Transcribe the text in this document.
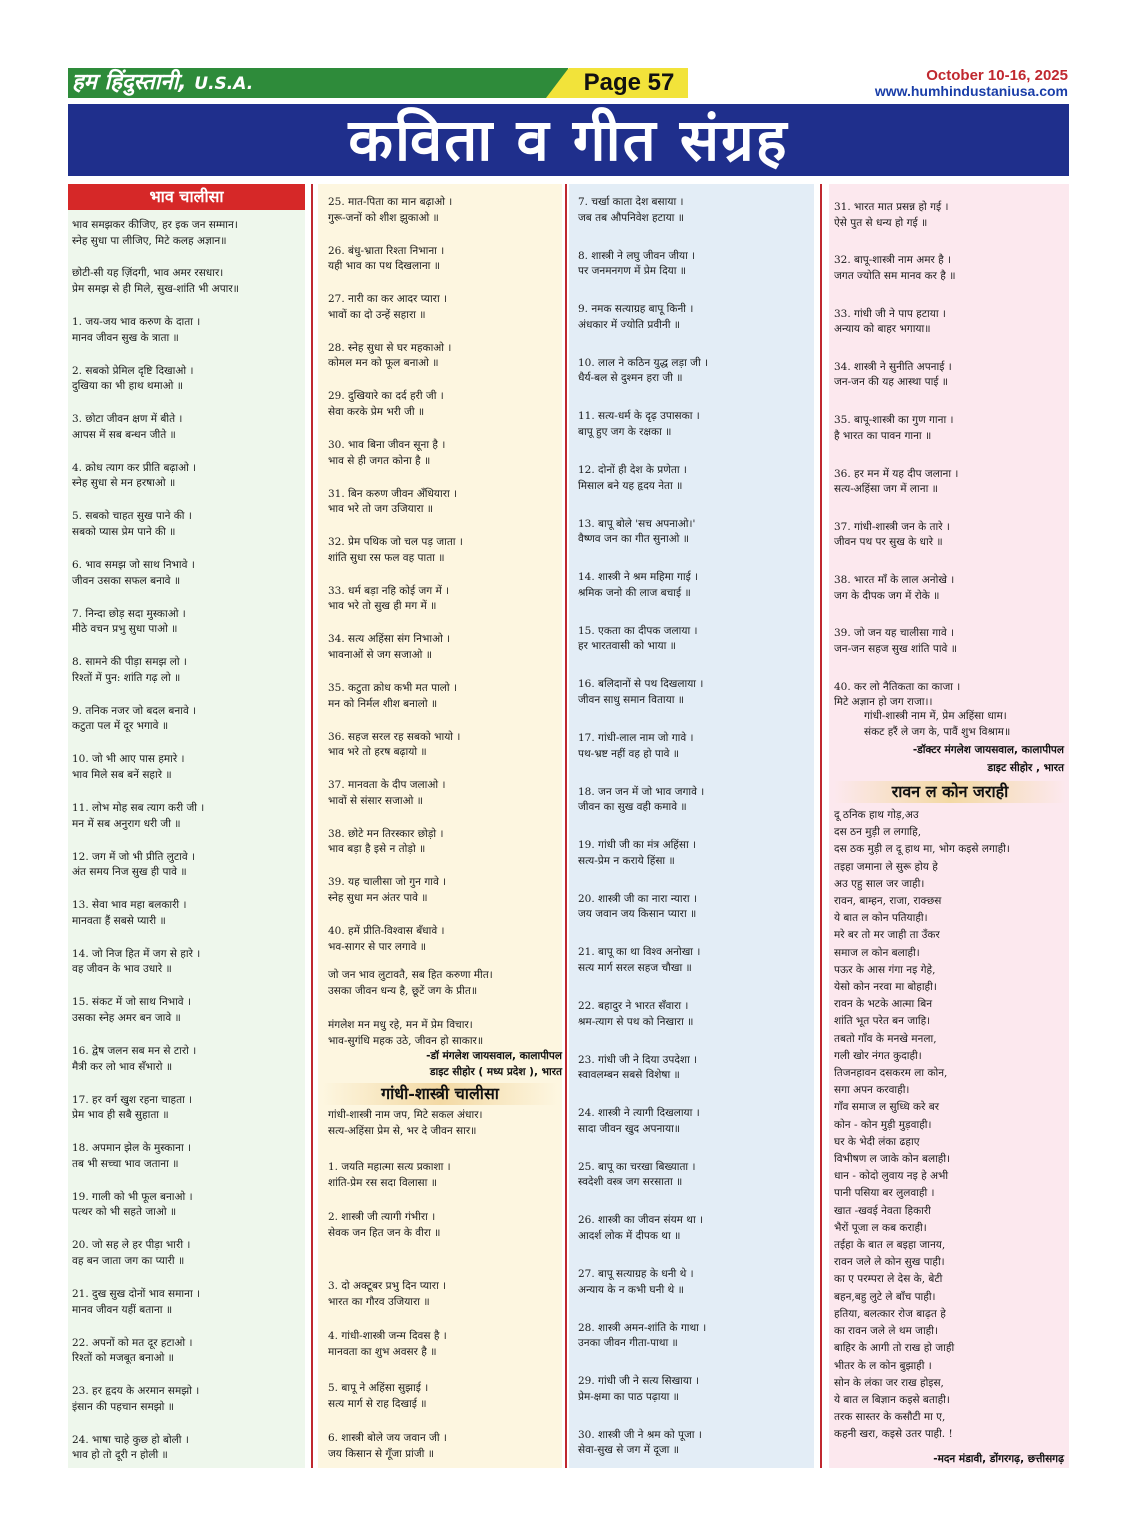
हम हिंदुस्तानी, U.S.A.	Page 57	October 10-16, 2025
www.humhindustaniusa.com
कविता व गीत संग्रह
भाव चालीसा
गांधी-शास्त्री चालीसा
रावन ल कोन जराही
भाव समझकर कीजिए, हर इक जन सम्मान।
स्नेह सुधा पा लीजिए, मिटे कलह अज्ञान॥
छोटी-सी यह ज़िंदगी, भाव अमर रसधार।
प्रेम समझ से ही मिले, सुख-शांति भी अपार॥
1. जय-जय भाव करुण के दाता ।
मानव जीवन सुख के त्राता ॥
2. सबको प्रेमिल दृष्टि दिखाओ ।
दुखिया का भी हाथ थमाओ ॥
3. छोटा जीवन क्षण में बीते ।
आपस में सब बन्धन जीते ॥
4. क्रोध त्याग कर प्रीति बढ़ाओ ।
स्नेह सुधा से मन हरषाओ ॥
5. सबको चाहत सुख पाने की ।
सबको प्यास प्रेम पाने की ॥
6. भाव समझ जो साथ निभावे ।
जीवन उसका सफल बनावे ॥
7. निन्दा छोड़ सदा मुस्काओ ।
मीठे वचन प्रभु सुधा पाओ ॥
8. सामने की पीड़ा समझ लो ।
रिश्तों में पुन: शांति गढ़ लो ॥
9. तनिक नजर जो बदल बनावे ।
कटुता पल में दूर भगावे ॥
10. जो भी आए पास हमारे ।
भाव मिले सब बनें सहारे ॥
11. लोभ मोह सब त्याग करी जी ।
मन में सब अनुराग धरी जी ॥
12. जग में जो भी प्रीति लुटावे ।
अंत समय निज सुख ही पावे ॥
13. सेवा भाव महा बलकारी ।
मानवता हैं सबसे प्यारी ॥
14. जो निज हित में जग से हारे ।
वह जीवन के भाव उधारे ॥
15. संकट में जो साथ निभावे ।
उसका स्नेह अमर बन जावे ॥
16. द्वेष जलन सब मन से टारो ।
मैत्री कर लो भाव सँभारो ॥
17. हर वर्ग खुश रहना चाहता ।
प्रेम भाव ही सबै सुहाता ॥
18. अपमान झेल के मुस्काना ।
तब भी सच्चा भाव जताना ॥
19. गाली को भी फूल बनाओ ।
पत्थर को भी सहते जाओ ॥
20. जो सह ले हर पीड़ा भारी ।
वह बन जाता जग का प्यारी ॥
21. दुख सुख दोनों भाव समाना ।
मानव जीवन यहीं बताना ॥
22. अपनों को मत दूर हटाओ ।
रिश्तों को मजबूत बनाओ ॥
23. हर हृदय के अरमान समझो ।
इंसान की पहचान समझो ॥
24. भाषा चाहे कुछ हो बोली ।
भाव हो तो दूरी न होली ॥
25. मात-पिता का मान बढ़ाओ ।
गुरू-जनों को शीश झुकाओ ॥
26. बंधु-भ्राता रिश्ता निभाना ।
यही भाव का पथ दिखलाना ॥
27. नारी का कर आदर प्यारा ।
भावों का दो उन्हें सहारा ॥
28. स्नेह सुधा से घर महकाओ ।
कोमल मन को फूल बनाओ ॥
29. दुखियारे का दर्द हरी जी ।
सेवा करके प्रेम भरी जी ॥
30. भाव बिना जीवन सूना है ।
भाव से ही जगत कोना है ॥
31. बिन करुण जीवन अँधियारा ।
भाव भरे तो जग उजियारा ॥
32. प्रेम पथिक जो चल पड़ जाता ।
शांति सुधा रस फल वह पाता ॥
33. धर्म बड़ा नहि कोई जग में ।
भाव भरे तो सुख ही मग में ॥
34. सत्य अहिंसा संग निभाओ ।
भावनाओं से जग सजाओ ॥
35. कटुता क्रोध कभी मत पालो ।
मन को निर्मल शीश बनालो ॥
36. सहज सरल रह सबको भायो ।
भाव भरे तो हरष बढ़ायो ॥
37. मानवता के दीप जलाओ ।
भावों से संसार सजाओ ॥
38. छोटे मन तिरस्कार छोड़ो ।
भाव बड़ा है इसे न तोड़ो ॥
39. यह चालीसा जो गुन गावे ।
स्नेह सुधा मन अंतर पावे ॥
40. हमें प्रीति-विश्वास बँधावे ।
भव-सागर से पार लगावे ॥
जो जन भाव लुटावतै, सब हित करुणा मीत।
उसका जीवन धन्य है, छूटें जग के प्रीत॥
मंगलेश मन मधु रहे, मन में प्रेम विचार।
भाव-सुगंधि महक उठे, जीवन हो साकार॥
गांधी-शास्त्री नाम जप, मिटे सकल अंधार।
सत्य-अहिंसा प्रेम से, भर दे जीवन सार॥
1. जयति महात्मा सत्य प्रकाशा ।
शांति-प्रेम रस सदा विलासा ॥
2. शास्त्री जी त्यागी गंभीरा ।
सेवक जन हित जन के वीरा ॥
3. दो अक्टूबर प्रभु दिन प्यारा ।
भारत का गौरव उजियारा ॥
4. गांधी-शास्त्री जन्म दिवस है ।
मानवता का शुभ अवसर है ॥
5. बापू ने अहिंसा सुझाई ।
सत्य मार्ग से राह दिखाई ॥
6. शास्त्री बोले जय जवान जी ।
जय किसान से गूँजा प्रांजी ॥
7. चर्खा काता देश बसाया ।
जब तब औपनिवेश हटाया ॥
8. शास्त्री ने लघु जीवन जीया ।
पर जनमनगण में प्रेम दिया ॥
9. नमक सत्याग्रह बापू किनी ।
अंधकार में ज्योति प्रवीनी ॥
10. लाल ने कठिन युद्ध लड़ा जी ।
धैर्य-बल से दुश्मन हरा जी ॥
11. सत्य-धर्म के दृढ़ उपासका ।
बापू हुए जग के रक्षका ॥
12. दोनों ही देश के प्रणेता ।
मिसाल बने यह हृदय नेता ॥
13. बापू बोले 'सच अपनाओ।'
वैष्णव जन का गीत सुनाओ ॥
14. शास्त्री ने श्रम महिमा गाई ।
श्रमिक जनो की लाज बचाई ॥
15. एकता का दीपक जलाया ।
हर भारतवासी को भाया ॥
16. बलिदानों से पथ दिखलाया ।
जीवन साधु समान विताया ॥
17. गांधी-लाल नाम जो गावे ।
पथ-भ्रष्ट नहीं वह हो पावे ॥
18. जन जन में जो भाव जगावे ।
जीवन का सुख वही कमावे ॥
19. गांधी जी का मंत्र अहिंसा ।
सत्य-प्रेम न कराये हिंसा ॥
20. शास्त्री जी का नारा न्यारा ।
जय जवान जय किसान प्यारा ॥
21. बापू का था विश्व अनोखा ।
सत्य मार्ग सरल सहज चौखा ॥
22. बहादुर ने भारत सँवारा ।
श्रम-त्याग से पथ को निखारा ॥
23. गांधी जी ने दिया उपदेशा ।
स्वावलम्बन सबसे विशेषा ॥
24. शास्त्री ने त्यागी दिखलाया ।
सादा जीवन खुद अपनाया॥
25. बापू का चरखा बिख्याता ।
स्वदेशी वस्त्र जग सरसाता ॥
26. शास्त्री का जीवन संयम था ।
आदर्श लोक में दीपक था ॥
27. बापू सत्याग्रह के धनी थे ।
अन्याय के न कभी घनी थे ॥
28. शास्त्री अमन-शांति के गाथा ।
उनका जीवन गीता-पाथा ॥
29. गांधी जी ने सत्य सिखाया ।
प्रेम-क्षमा का पाठ पढ़ाया ॥
30. शास्त्री जी ने श्रम को पूजा ।
सेवा-सुख से जग में दूजा ॥
31. भारत मात प्रसन्न हो गई ।
ऐसे पुत से धन्य हो गई ॥
32. बापू-शास्त्री नाम अमर है ।
जगत ज्योति सम मानव कर है ॥
33. गांधी जी ने पाप हटाया ।
अन्याय को बाहर भगाया॥
34. शास्त्री ने सुनीति अपनाई ।
जन-जन की यह आस्था पाई ॥
35. बापू-शास्त्री का गुण गाना ।
है भारत का पावन गाना ॥
36. हर मन में यह दीप जलाना ।
सत्य-अहिंसा जग में लाना ॥
37. गांधी-शास्त्री जन के तारे ।
जीवन पथ पर सुख के धारे ॥
38. भारत माँ के लाल अनोखे ।
जग के दीपक जग में रोके ॥
39. जो जन यह चालीसा गावे ।
जन-जन सहज सुख शांति पावे ॥
40. कर लो नैतिकता का काजा ।
मिटे अज्ञान हो जग राजा।।
गांधी-शास्त्री नाम में, प्रेम अहिंसा धाम।
संकट हरैं ले जग के, पावैं शुभ विश्राम॥
दू ठनिक हाथ गोड़,अउ
दस ठन मुड़ी ल लगाहि,
दस ठक मुड़ी ल दू हाथ मा, भोग कइसे लगाही।
तइहा जमाना ले सुरू होय हे
अउ एहु साल जर जाही।
रावन, बाम्हन, राजा, राक्छस
ये बात ल कोन पतियाही।
मरे बर तो मर जाही ता उँकर
समाज ल कोन बलाही।
पऊर के आस गंगा नइ गेहे,
येसो कोन नरवा मा बोहाही।
रावन के भटके आत्मा बिन
शांति भूत परेत बन जाहि।
तबतो गाँव के मनखे मनला,
गली खोर नंगत कुदाही।
तिजनहावन दसकरम ला कोन,
सगा अपन करवाही।
गाँव समाज ल सुध्धि करे बर
कोन - कोन मुड़ी मुड़वाही।
घर के भेदी लंका ढहाए
विभीषण ल जाके कोन बलाही।
धान - कोदो लुवाय नइ हे अभी
पानी पसिया बर लुलवाही ।
खात -खवई नेवता हिकारी
भैरों पूजा ल कब कराही।
तईहा के बात ल बइहा जानय,
रावन जले ले कोन सुख पाही।
का ए परम्परा ले देस के, बेटी
बहन,बहु लुटे ले बाँच पाही।
हतिया, बलत्कार रोज बाढ़त हे
का रावन जले ले थम जाही।
बाहिर के आगी तो राख हो जाही
भीतर के ल कोन बुझाही ।
सोन के लंका जर राख होइस,
ये बात ल बिज्ञान कइसे बताही।
तरक सास्तर के कसौटी मा ए,
कहनी खरा, कइसे उतर पाही. !
-डॉ मंगलेश जायसवाल, कालापीपल
डाइट सीहोर ( मध्य प्रदेश ), भारत
-डॉक्टर मंगलेश जायसवाल, कालापीपल
डाइट सीहोर , भारत
-मदन मंडावी, डोंगरगढ़, छत्तीसगढ़
